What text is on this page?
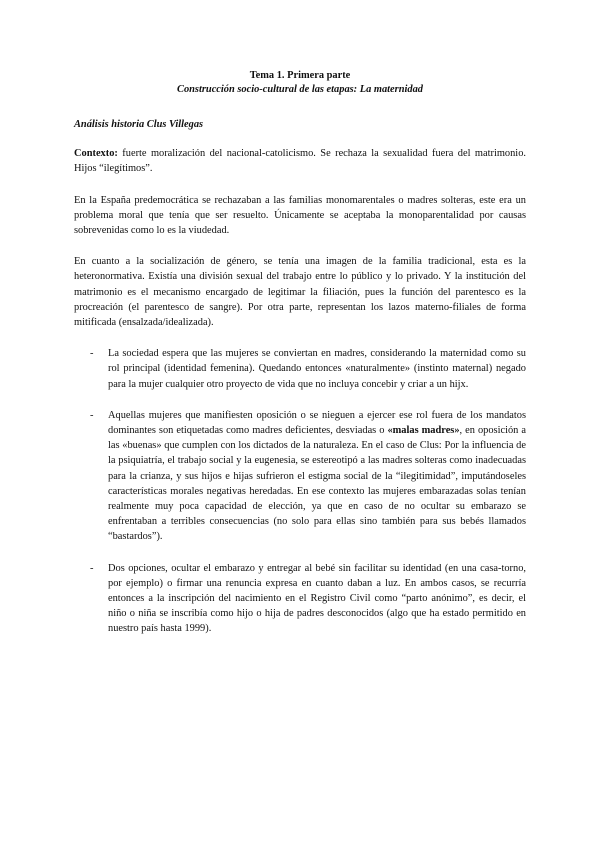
Tema 1. Primera parte
Construcción socio-cultural de las etapas: La maternidad
Análisis historia Clus Villegas

Contexto: fuerte moralización del nacional-catolicismo. Se rechaza la sexualidad fuera del matrimonio. Hijos “ilegítimos”.

En la España predemocrática se rechazaban a las familias monomarentales o madres solteras, este era un problema moral que tenía que ser resuelto. Únicamente se aceptaba la monoparentalidad por causas sobrevenidas como lo es la viudedad.

En cuanto a la socialización de género, se tenía una imagen de la familia tradicional, esta es la heteronormativa. Existía una división sexual del trabajo entre lo público y lo privado. Y la institución del matrimonio es el mecanismo encargado de legitimar la filiación, pues la función del parentesco es la procreación (el parentesco de sangre). Por otra parte, representan los lazos materno-filiales de forma mitificada (ensalzada/idealizada).

- La sociedad espera que las mujeres se conviertan en madres, considerando la maternidad como su rol principal (identidad femenina). Quedando entonces «naturalmente» (instinto maternal) negado para la mujer cualquier otro proyecto de vida que no incluya concebir y criar a un hijx.
- Aquellas mujeres que manifiesten oposición o se nieguen a ejercer ese rol fuera de los mandatos dominantes son etiquetadas como madres deficientes, desviadas o «malas madres», en oposición a las «buenas» que cumplen con los dictados de la naturaleza. En el caso de Clus: Por la influencia de la psiquiatría, el trabajo social y la eugenesia, se estereotipó a las madres solteras como inadecuadas para la crianza, y sus hijos e hijas sufrieron el estigma social de la “ilegitimidad”, imputándoseles características morales negativas heredadas. En ese contexto las mujeres embarazadas solas tenían realmente muy poca capacidad de elección, ya que en caso de no ocultar su embarazo se enfrentaban a terribles consecuencias (no solo para ellas sino también para sus bebés llamados “bastardos”).
- Dos opciones, ocultar el embarazo y entregar al bebé sin facilitar su identidad (en una casa-torno, por ejemplo) o firmar una renuncia expresa en cuanto daban a luz. En ambos casos, se recurría entonces a la inscripción del nacimiento en el Registro Civil como “parto anónimo”, es decir, el niño o niña se inscribía como hijo o hija de padres desconocidos (algo que ha estado permitido en nuestro país hasta 1999).
